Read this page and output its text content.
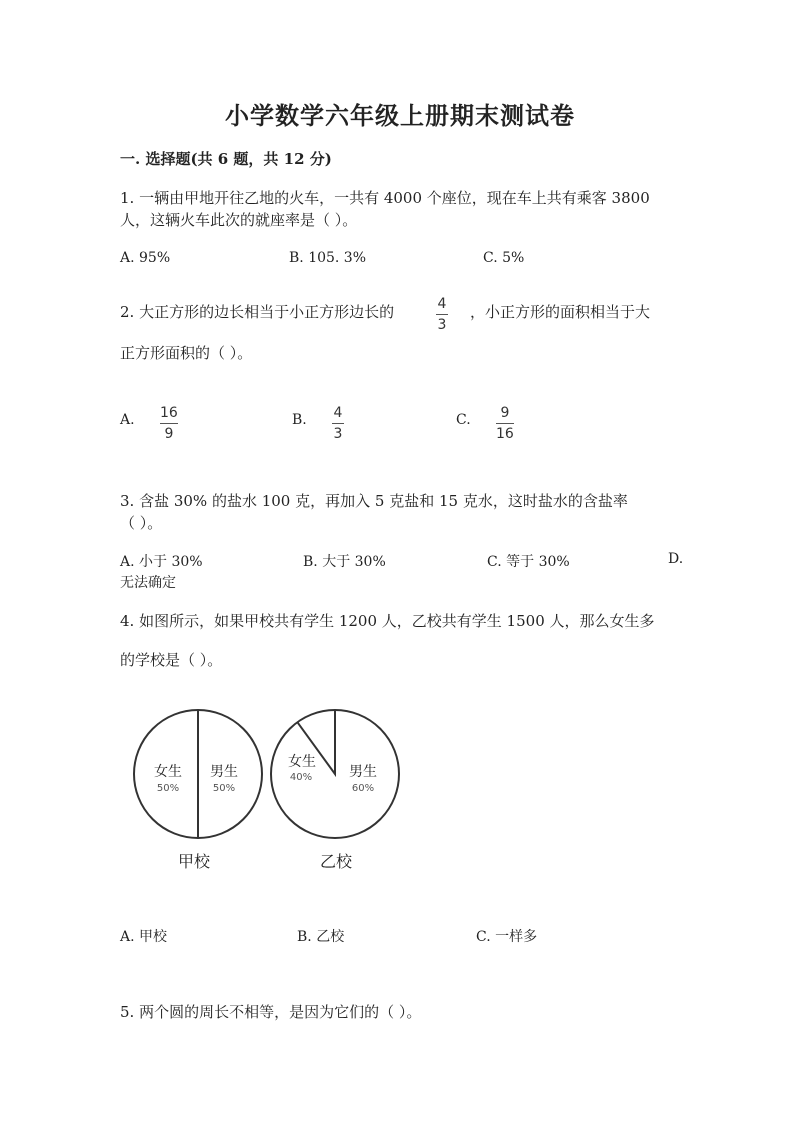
小学数学六年级上册期末测试卷
一. 选择题(共 6 题，共 12 分)
1. 一辆由甲地开往乙地的火车，一共有 4000 个座位，现在车上共有乘客 3800
人，这辆火车此次的就座率是（ ）。
A. 95%	B. 105. 3%	C. 5%
2. 大正方形的边长相当于小正方形边长的	4
3
，小正方形的面积相当于大
正方形面积的（ ）。
A. 16
9
B. 4
3
C. 9
16
3. 含盐 30% 的盐水 100 克，再加入 5 克盐和 15 克水，这时盐水的含盐率
（ ）。
A. 小于 30%	B. 大于 30%	C. 等于 30%	D.
无法确定
4. 如图所示，如果甲校共有学生 1200 人，乙校共有学生 1500 人，那么女生多
的学校是（ ）。
女生
50%
男生
50%
甲校
女生
40%	男生
60%
乙校
A. 甲校	B. 乙校	C. 一样多
5. 两个圆的周长不相等，是因为它们的（ ）。
